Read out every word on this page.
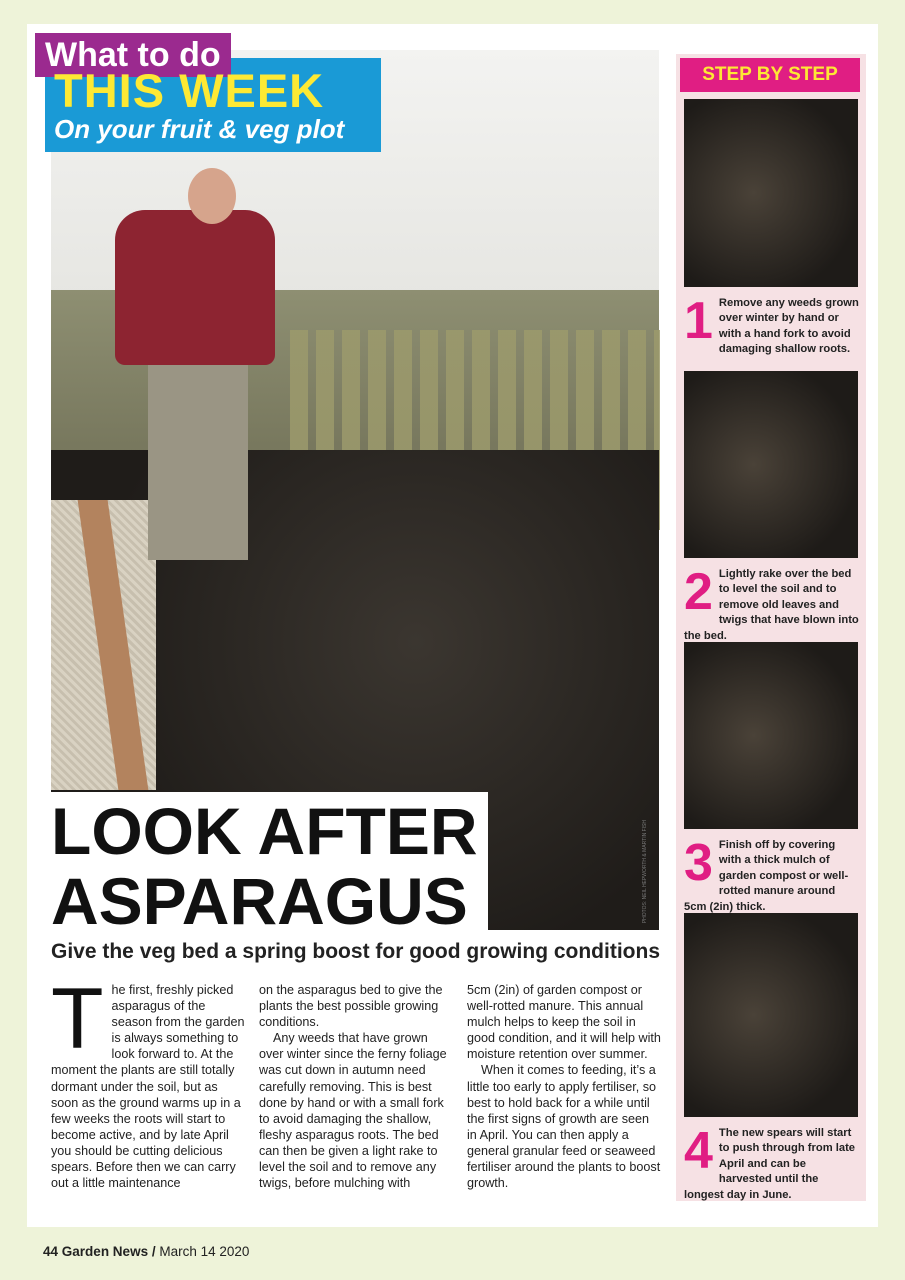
What to do
THIS WEEK
On your fruit & veg plot
LOOK AFTER
ASPARAGUS	PHOTOS: NEIL HEPWORTH & MARTIN FISH
Give the veg bed a spring boost for good growing conditions
T he first, freshly picked asparagus of the season from the garden is always something to look forward to. At the moment the plants are still totally dormant under the soil, but as soon as the ground warms up in a few weeks the roots will start to become active, and by late April you should be cutting delicious spears. Before then we can carry out a little maintenance

on the asparagus bed to give the plants the best possible growing conditions.

Any weeds that have grown over winter since the ferny foliage was cut down in autumn need carefully removing. This is best done by hand or with a small fork to avoid damaging the shallow, fleshy asparagus roots. The bed can then be given a light rake to level the soil and to remove any twigs, before mulching with

5cm (2in) of garden compost or well-rotted manure. This annual mulch helps to keep the soil in good condition, and it will help with moisture retention over summer.

When it comes to feeding, it’s a little too early to apply fertiliser, so best to hold back for a while until the first signs of growth are seen in April. You can then apply a general granular feed or seaweed fertiliser around the plants to boost growth.

STEP BY STEP
1 Remove any weeds grown over winter by hand or with a hand fork to avoid damaging shallow roots.
2 Lightly rake over the bed to level the soil and to remove old leaves and twigs that have blown into the bed.
3 Finish off by covering with a thick mulch of garden compost or well-rotted manure around 5cm (2in) thick.
4 The new spears will start to push through from late April and can be harvested until the longest day in June.
44 Garden News / March 14 2020
